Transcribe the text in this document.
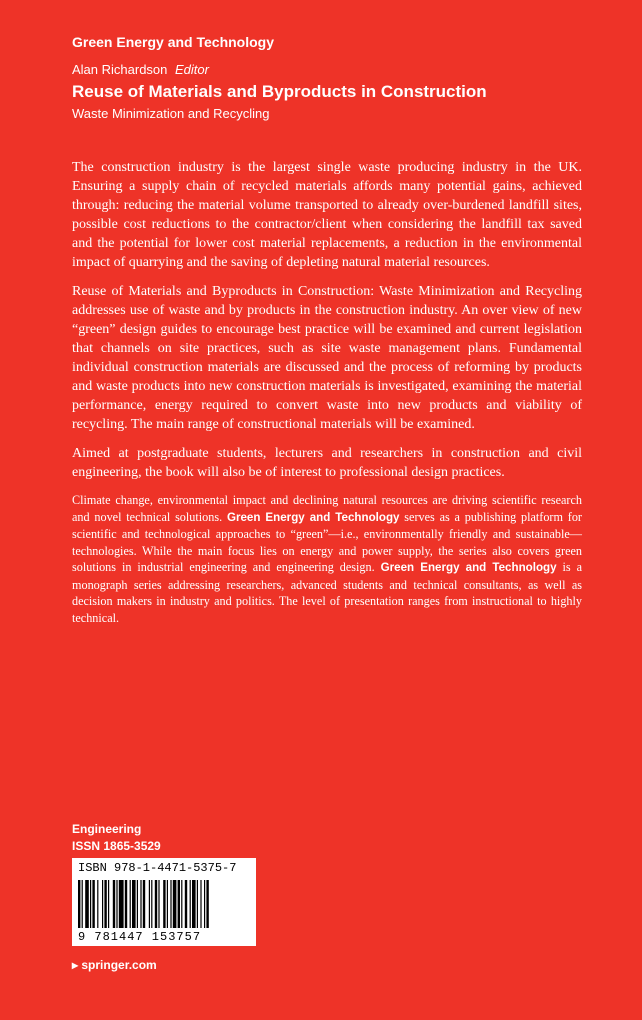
Green Energy and Technology
Alan Richardson Editor
Reuse of Materials and Byproducts in Construction
Waste Minimization and Recycling

The construction industry is the largest single waste producing industry in the UK. Ensuring a supply chain of recycled materials affords many potential gains, achieved through: reducing the material volume transported to already over-burdened landfill sites, possible cost reductions to the contractor/client when considering the landfill tax saved and the potential for lower cost material replacements, a reduction in the environmental impact of quarrying and the saving of depleting natural material resources.

Reuse of Materials and Byproducts in Construction: Waste Minimization and Recycling addresses use of waste and by products in the construction industry. An over view of new “green” design guides to encourage best practice will be examined and current legislation that channels on site practices, such as site waste management plans. Fundamental individual construction materials are discussed and the process of reforming by products and waste products into new construction materials is investigated, examining the material performance, energy required to convert waste into new products and viability of recycling. The main range of constructional materials will be examined.

Aimed at postgraduate students, lecturers and researchers in construction and civil engineering, the book will also be of interest to professional design practices.

Climate change, environmental impact and declining natural resources are driving scientific research and novel technical solutions. Green Energy and Technology serves as a publishing platform for scientific and technological approaches to “green”—i.e., environmentally friendly and sustainable—technologies. While the main focus lies on energy and power supply, the series also covers green solutions in industrial engineering and engineering design. Green Energy and Technology is a monograph series addressing researchers, advanced students and technical consultants, as well as decision makers in industry and politics. The level of presentation ranges from instructional to highly technical.

Engineering
ISSN 1865-3529
ISBN 978-1-4471-5375-7
9 781447 153757
▸ springer.com
